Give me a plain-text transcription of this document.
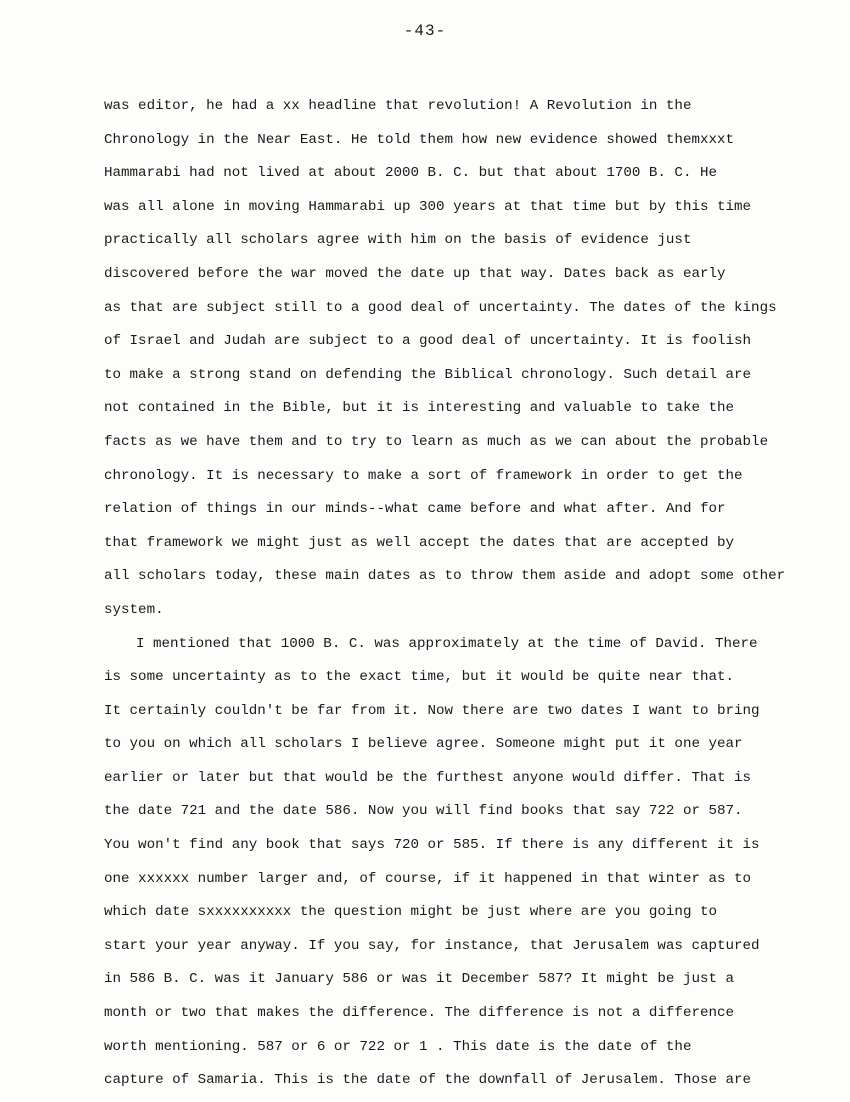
-43-
was editor, he had a xx headline that revolution! A Revolution in the
Chronology in the Near East. He told them how new evidence showed themxxxt
Hammarabi had not lived at about 2000 B. C. but that about 1700 B. C. He
was all alone in moving Hammarabi up 300 years at that time but by this time
practically all scholars agree with him on the basis of evidence just
discovered before the war moved the date up that way. Dates back as early
as that are subject still to a good deal of uncertainty. The dates of the kings
of Israel and Judah are subject to a good deal of uncertainty. It is foolish
to make a strong stand on defending the Biblical chronology. Such detail are
not contained in the Bible, but it is interesting and valuable to take the
facts as we have them and to try to learn as much as we can about the probable
chronology. It is necessary to make a sort of framework in order to get the
relation of things in our minds--what came before and what after. And for
that framework we might just as well accept the dates that are accepted by
all scholars today, these main dates as to throw them aside and adopt some other
system.
I mentioned that 1000 B. C. was approximately at the time of David. There
is some uncertainty as to the exact time, but it would be quite near that.
It certainly couldn't be far from it. Now there are two dates I want to bring
to you on which all scholars I believe agree. Someone might put it one year
earlier or later but that would be the furthest anyone would differ. That is
the date 721 and the date 586. Now you will find books that say 722 or 587.
You won't find any book that says 720 or 585. If there is any different it is
one xxxxxx number larger and, of course, if it happened in that winter as to
which date sxxxxxxxxxx the question might be just where are you going to
start your year anyway. If you say, for instance, that Jerusalem was captured
in 586 B. C. was it January 586 or was it December 587? It might be just a
month or two that makes the difference. The difference is not a difference
worth mentioning. 587 or 6 or 722 or 1 . This date is the date of the
capture of Samaria. This is the date of the downfall of Jerusalem. Those are
